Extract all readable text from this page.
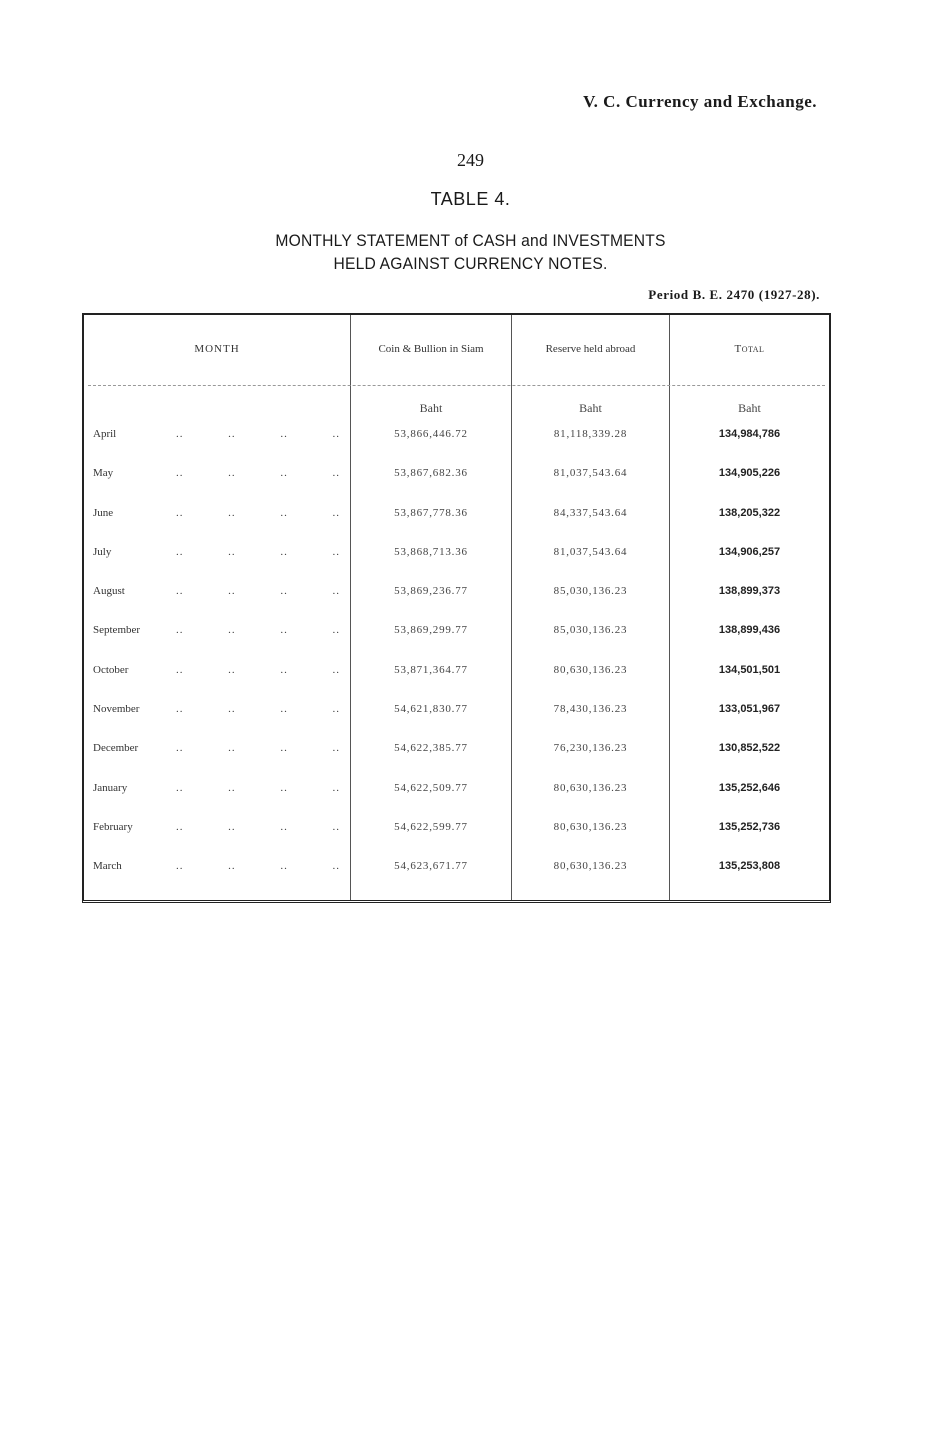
V. C. Currency and Exchange.
249
TABLE 4.
MONTHLY STATEMENT of CASH and INVESTMENTS
HELD AGAINST CURRENCY NOTES.
Period B. E. 2470 (1927-28).
MONTH	Coin & Bullion in Siam	Reserve held abroad	Total
Baht	Baht	Baht
April	..	..	..	..	53,866,446.72	81,118,339.28	134,984,786
May	..	..	..	..	53,867,682.36	81,037,543.64	134,905,226
June	..	..	..	..	53,867,778.36	84,337,543.64	138,205,322
July	..	..	..	..	53,868,713.36	81,037,543.64	134,906,257
August	..	..	..	..	53,869,236.77	85,030,136.23	138,899,373
September	..	..	..	..	53,869,299.77	85,030,136.23	138,899,436
October	..	..	..	..	53,871,364.77	80,630,136.23	134,501,501
November	..	..	..	..	54,621,830.77	78,430,136.23	133,051,967
December	..	..	..	..	54,622,385.77	76,230,136.23	130,852,522
January	..	..	..	..	54,622,509.77	80,630,136.23	135,252,646
February	..	..	..	..	54,622,599.77	80,630,136.23	135,252,736
March	..	..	..	..	54,623,671.77	80,630,136.23	135,253,808
